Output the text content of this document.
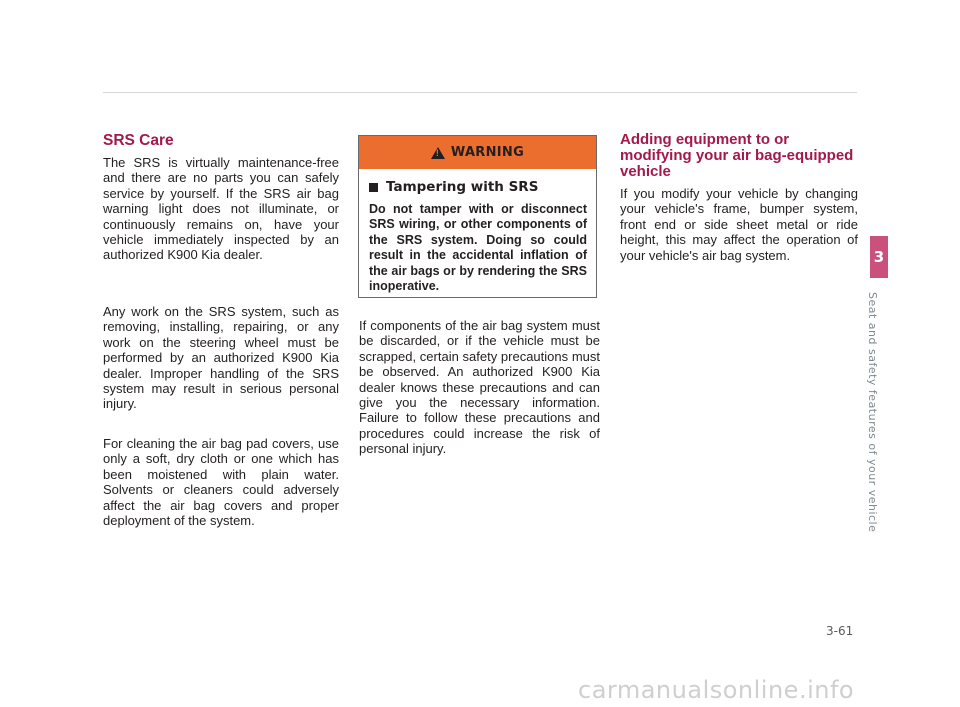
SRS Care

The SRS is virtually maintenance-free and there are no parts you can safely service by yourself. If the SRS air bag warning light does not illuminate, or continuously remains on, have your vehicle immediately inspected by an authorized K900 Kia dealer.

Any work on the SRS system, such as removing, installing, repairing, or any work on the steering wheel must be performed by an authorized K900 Kia dealer. Improper handling of the SRS system may result in serious personal injury.

For cleaning the air bag pad covers, use only a soft, dry cloth or one which has been moistened with plain water. Solvents or cleaners could adversely affect the air bag covers and proper deployment of the system.

!
WARNING
Tampering with SRS

Do not tamper with or disconnect SRS wiring, or other components of the SRS system. Doing so could result in the accidental inflation of the air bags or by rendering the SRS inoperative.

If components of the air bag system must be discarded, or if the vehicle must be scrapped, certain safety precautions must be observed. An authorized K900 Kia dealer knows these precautions and can give you the necessary information. Failure to follow these precautions and procedures could increase the risk of personal injury.

Adding equipment to or modifying your air bag-equipped vehicle

If you modify your vehicle by changing your vehicle's frame, bumper system, front end or side sheet metal or ride height, this may affect the operation of your vehicle's air bag system.	3
Seat and safety features of your vehicle
3-61
carmanualsonline.info
